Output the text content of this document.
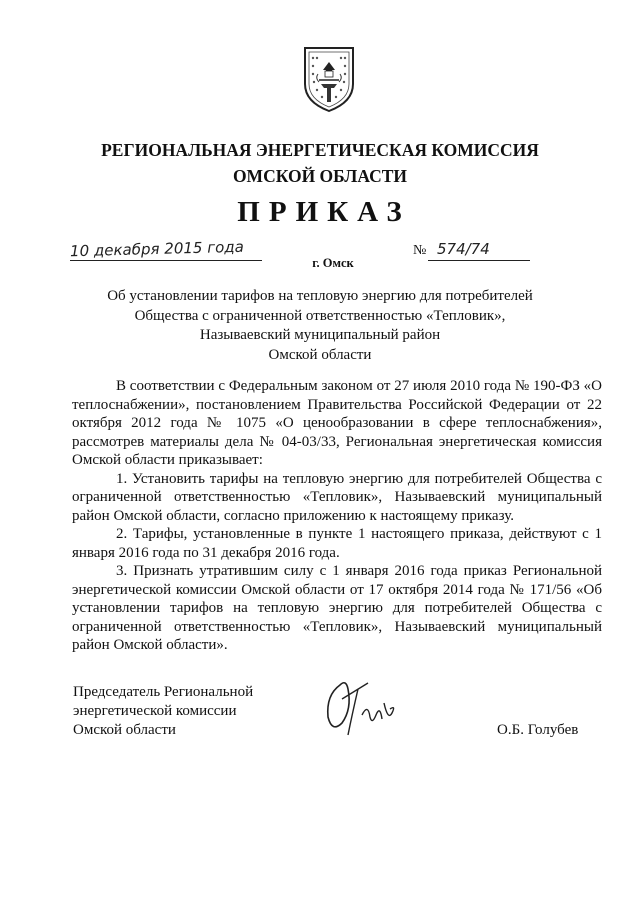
РЕГИОНАЛЬНАЯ ЭНЕРГЕТИЧЕСКАЯ КОМИССИЯ
ОМСКОЙ ОБЛАСТИ
ПРИКАЗ
10 декабря 2015 года	№ 574/74
г. Омск
Об установлении тарифов на тепловую энергию для потребителей
Общества с ограниченной ответственностью «Тепловик»,
Называевский муниципальный район
Омской области

В соответствии с Федеральным законом от 27 июля 2010 года № 190-ФЗ «О теплоснабжении», постановлением Правительства Российской Федерации от 22 октября 2012 года № 1075 «О ценообразовании в сфере теплоснабжения», рассмотрев материалы дела № 04-03/33, Региональная энергетическая комиссия Омской области приказывает:

1. Установить тарифы на тепловую энергию для потребителей Общества с ограниченной ответственностью «Тепловик», Называевский муниципальный район Омской области, согласно приложению к настоящему приказу.

2. Тарифы, установленные в пункте 1 настоящего приказа, действуют с 1 января 2016 года по 31 декабря 2016 года.

3. Признать утратившим силу с 1 января 2016 года приказ Региональной энергетической комиссии Омской области от 17 октября 2014 года № 171/56 «Об установлении тарифов на тепловую энергию для потребителей Общества с ограниченной ответственностью «Тепловик», Называевский муниципальный район Омской области».

Председатель Региональной
энергетической комиссии
Омской области	О.Б. Голубев
